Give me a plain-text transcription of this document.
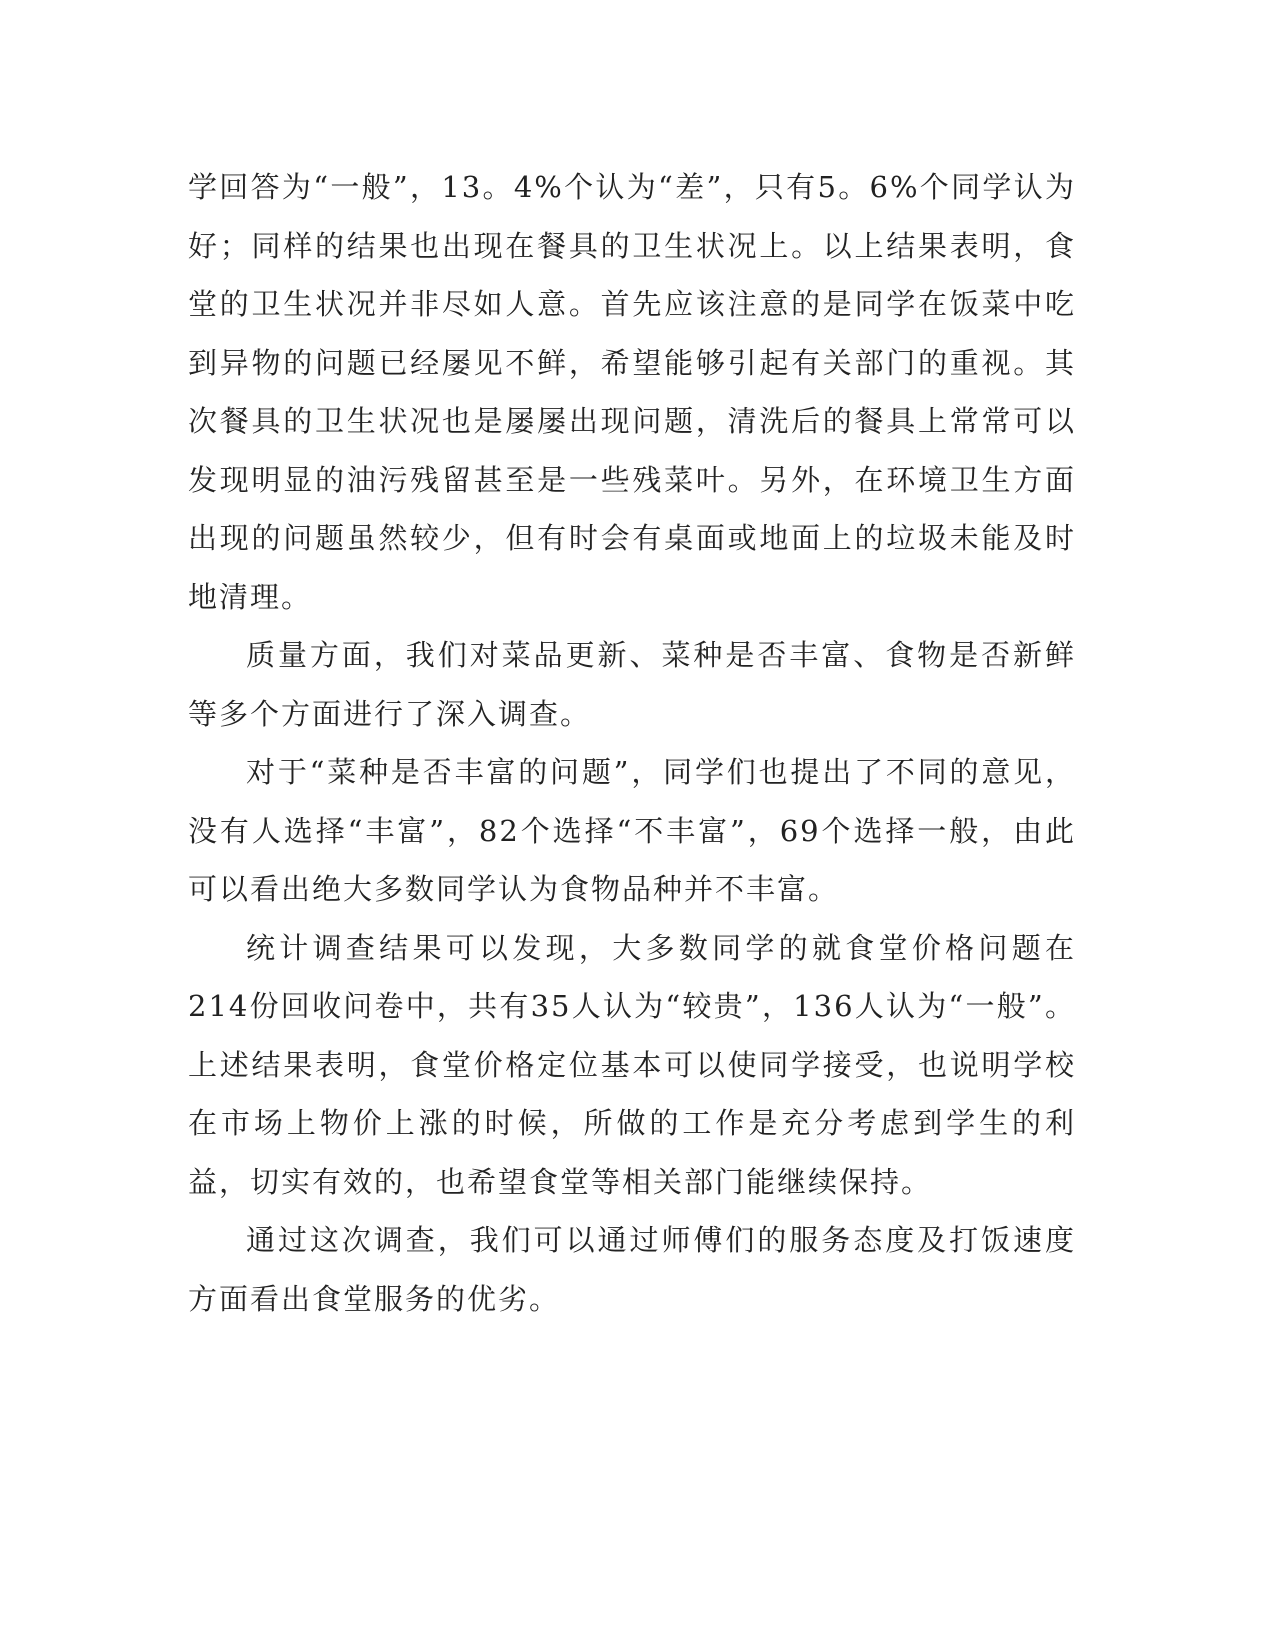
学回答为“一般”，13。4%个认为“差”，只有5。6%个同学认为好；同样的结果也出现在餐具的卫生状况上。以上结果表明，食堂的卫生状况并非尽如人意。首先应该注意的是同学在饭菜中吃到异物的问题已经屡见不鲜，希望能够引起有关部门的重视。其次餐具的卫生状况也是屡屡出现问题，清洗后的餐具上常常可以发现明显的油污残留甚至是一些残菜叶。另外，在环境卫生方面出现的问题虽然较少，但有时会有桌面或地面上的垃圾未能及时地清理。

质量方面，我们对菜品更新、菜种是否丰富、食物是否新鲜等多个方面进行了深入调查。

对于“菜种是否丰富的问题”，同学们也提出了不同的意见，没有人选择“丰富”，82个选择“不丰富”，69个选择一般，由此可以看出绝大多数同学认为食物品种并不丰富。

统计调查结果可以发现，大多数同学的就食堂价格问题在214份回收问卷中，共有35人认为“较贵”，136人认为“一般”。上述结果表明，食堂价格定位基本可以使同学接受，也说明学校在市场上物价上涨的时候，所做的工作是充分考虑到学生的利益，切实有效的，也希望食堂等相关部门能继续保持。

通过这次调查，我们可以通过师傅们的服务态度及打饭速度方面看出食堂服务的优劣。
